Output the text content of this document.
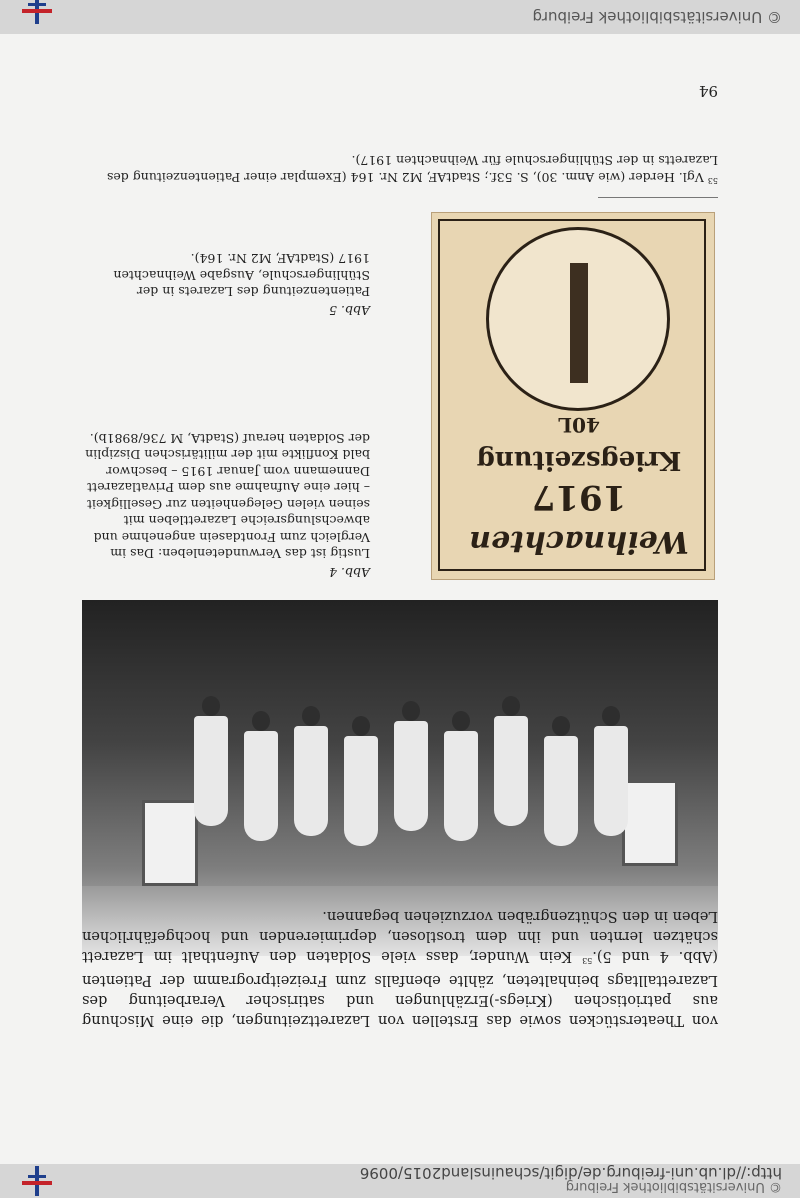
© Universitätsbibliothek Freiburg
http://dl.ub.uni-freiburg.de/digit/schauinsland2015/0096
94
$^{53}$ Vgl. Herder (wie Anm. 30), S. 53f.; StadtAF, M2 Nr. 164 (Exemplar einer Patientenzeitung des Lazaretts in der Stühlingerschule für Weihnachten 1917).
Abb. 4
Lustig ist das Verwundetenleben: Das im Vergleich zum Frontdasein angenehme und abwechslungsreiche Lazarettleben mit seinen vielen Gelegenheiten zur Geselligkeit – hier eine Aufnahme aus dem Privatlazarett Dannemann vom Januar 1915 – beschwor bald Konflikte mit der militärischen Disziplin der Soldaten herauf (StadtA, M 736/8981b).
Abb. 5
Patientenzeitung des Lazarets in der Stühlingerschule, Ausgabe Weihnachten 1917 (StadtAF, M2 Nr. 164).
Weihnachten
1917
Kriegszeitung
40L

von Theaterstücken sowie das Erstellen von Lazarettzeitungen, die eine Mischung aus patriotischen (Kriegs-)Erzählungen und satirischer Verarbeitung des Lazarettalltags beinhalteten, zählte ebenfalls zum Freizeitprogramm der Patienten (Abb. 4 und 5).$^{53}$ Kein Wunder, dass viele Soldaten den Aufenthalt im Lazarett schätzen lernten und ihn dem trostlosen, deprimierenden und hochgefährlichen Leben in den Schützengräben vorzuziehen begannen.

© Universitätsbibliothek Freiburg
